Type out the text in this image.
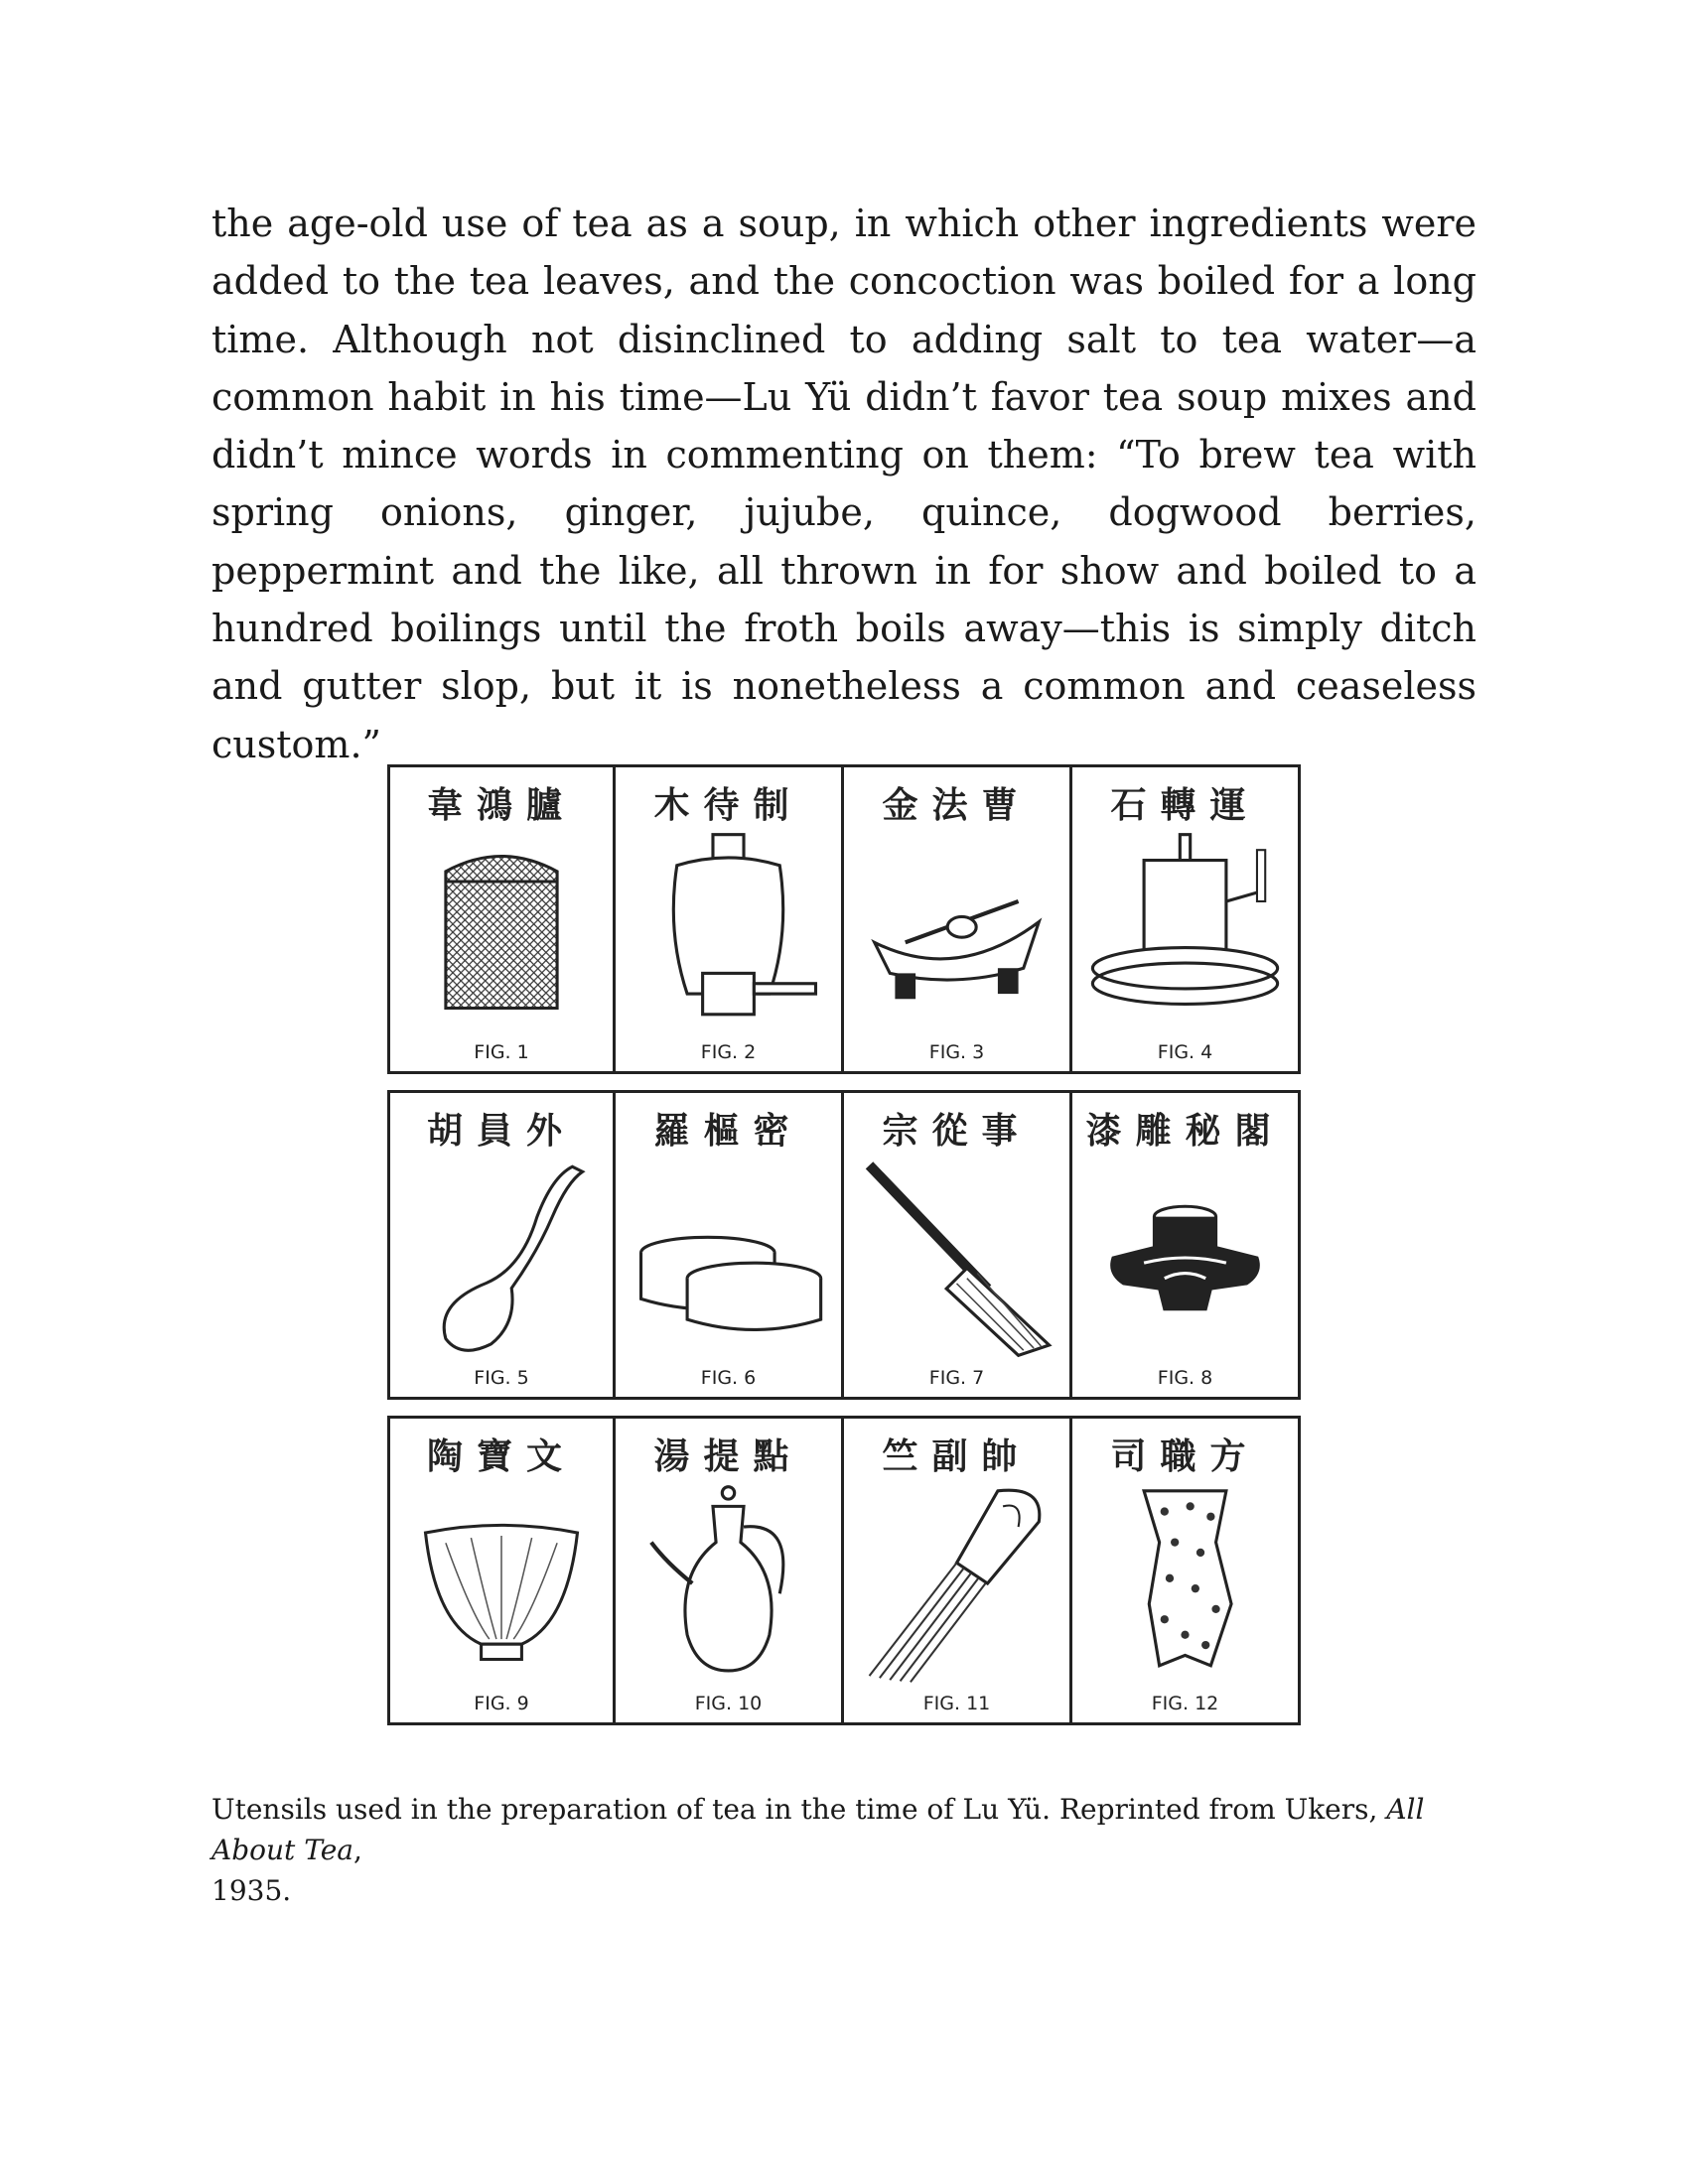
the age-old use of tea as a soup, in which other ingredients were added to the tea leaves, and the concoction was boiled for a long time. Although not disinclined to adding salt to tea water—a common habit in his time—Lu Yü didn’t favor tea soup mixes and didn’t mince words in commenting on them: “To brew tea with spring onions, ginger, jujube, quince, dogwood berries, peppermint and the like, all thrown in for show and boiled to a hundred boilings until the froth boils away—this is simply ditch and gutter slop, but it is nonetheless a common and ceaseless custom.”

韋鴻臚
FIG. 1
木待制
FIG. 2
金法曹
FIG. 3
石轉運
FIG. 4
胡員外
FIG. 5
羅樞密
FIG. 6
宗從事
FIG. 7
漆雕秘閣
FIG. 8
陶寶文
FIG. 9
湯提點
FIG. 10
竺副帥
FIG. 11
司職方
FIG. 12

Utensils used in the preparation of tea in the time of Lu Yü. Reprinted from Ukers, All About Tea,
1935.
